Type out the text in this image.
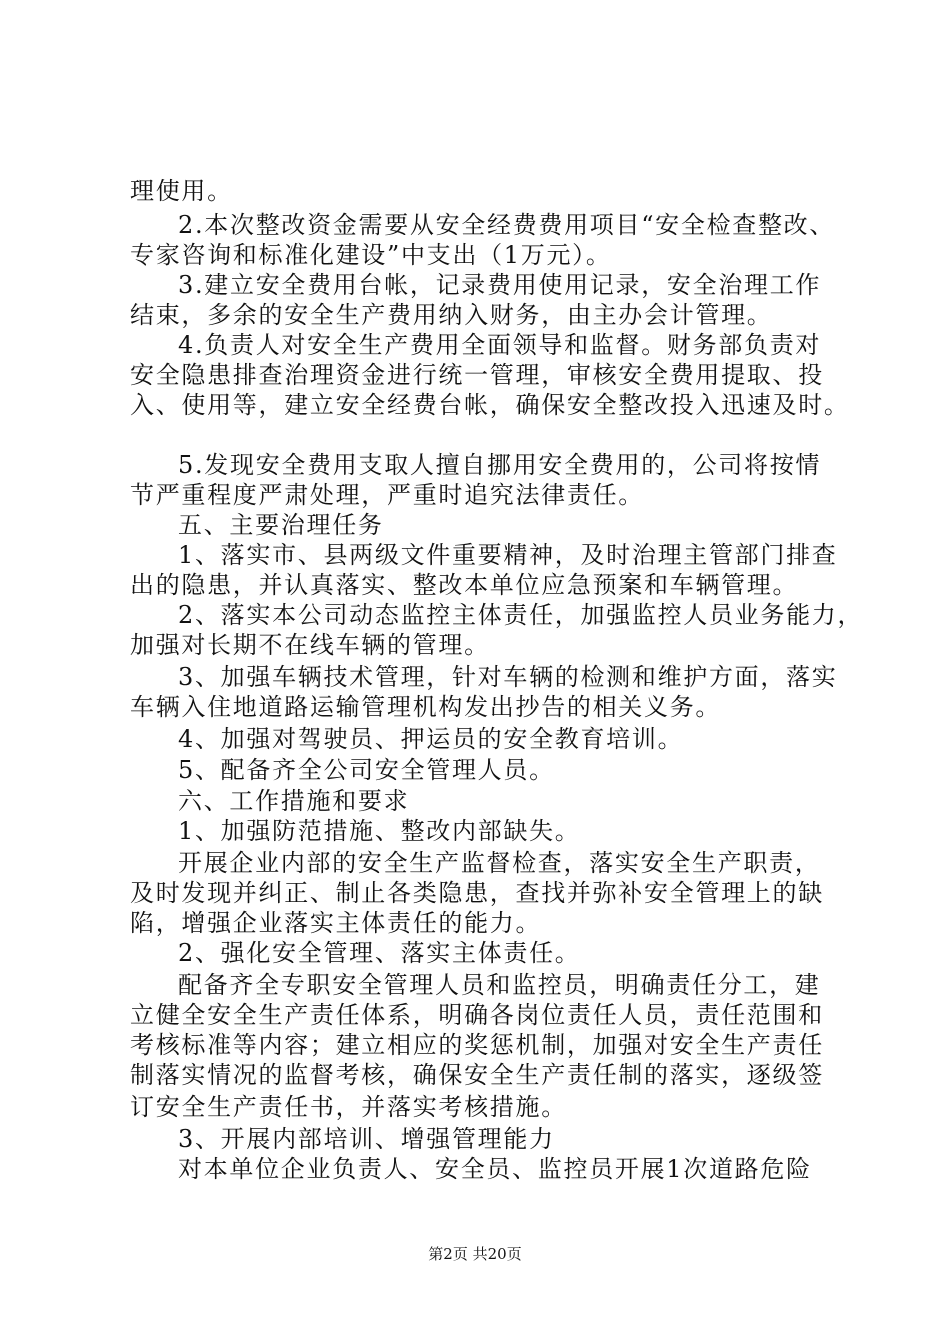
理使用。
2.本次整改资金需要从安全经费费用项目“安全检查整改、
专家咨询和标准化建设”中支出（1万元）。
3.建立安全费用台帐，记录费用使用记录，安全治理工作
结束，多余的安全生产费用纳入财务，由主办会计管理。
4.负责人对安全生产费用全面领导和监督。财务部负责对
安全隐患排查治理资金进行统一管理，审核安全费用提取、投
入、使用等，建立安全经费台帐，确保安全整改投入迅速及时。
5.发现安全费用支取人擅自挪用安全费用的，公司将按情
节严重程度严肃处理，严重时追究法律责任。
五、主要治理任务
1、落实市、县两级文件重要精神，及时治理主管部门排查
出的隐患，并认真落实、整改本单位应急预案和车辆管理。
2、落实本公司动态监控主体责任，加强监控人员业务能力，
加强对长期不在线车辆的管理。
3、加强车辆技术管理，针对车辆的检测和维护方面，落实
车辆入住地道路运输管理机构发出抄告的相关义务。
4、加强对驾驶员、押运员的安全教育培训。
5、配备齐全公司安全管理人员。
六、工作措施和要求
1、加强防范措施、整改内部缺失。
开展企业内部的安全生产监督检查，落实安全生产职责，
及时发现并纠正、制止各类隐患，查找并弥补安全管理上的缺
陷，增强企业落实主体责任的能力。
2、强化安全管理、落实主体责任。
配备齐全专职安全管理人员和监控员，明确责任分工，建
立健全安全生产责任体系，明确各岗位责任人员，责任范围和
考核标准等内容；建立相应的奖惩机制，加强对安全生产责任
制落实情况的监督考核，确保安全生产责任制的落实，逐级签
订安全生产责任书，并落实考核措施。
3、开展内部培训、增强管理能力
对本单位企业负责人、安全员、监控员开展1次道路危险
第2页 共20页
